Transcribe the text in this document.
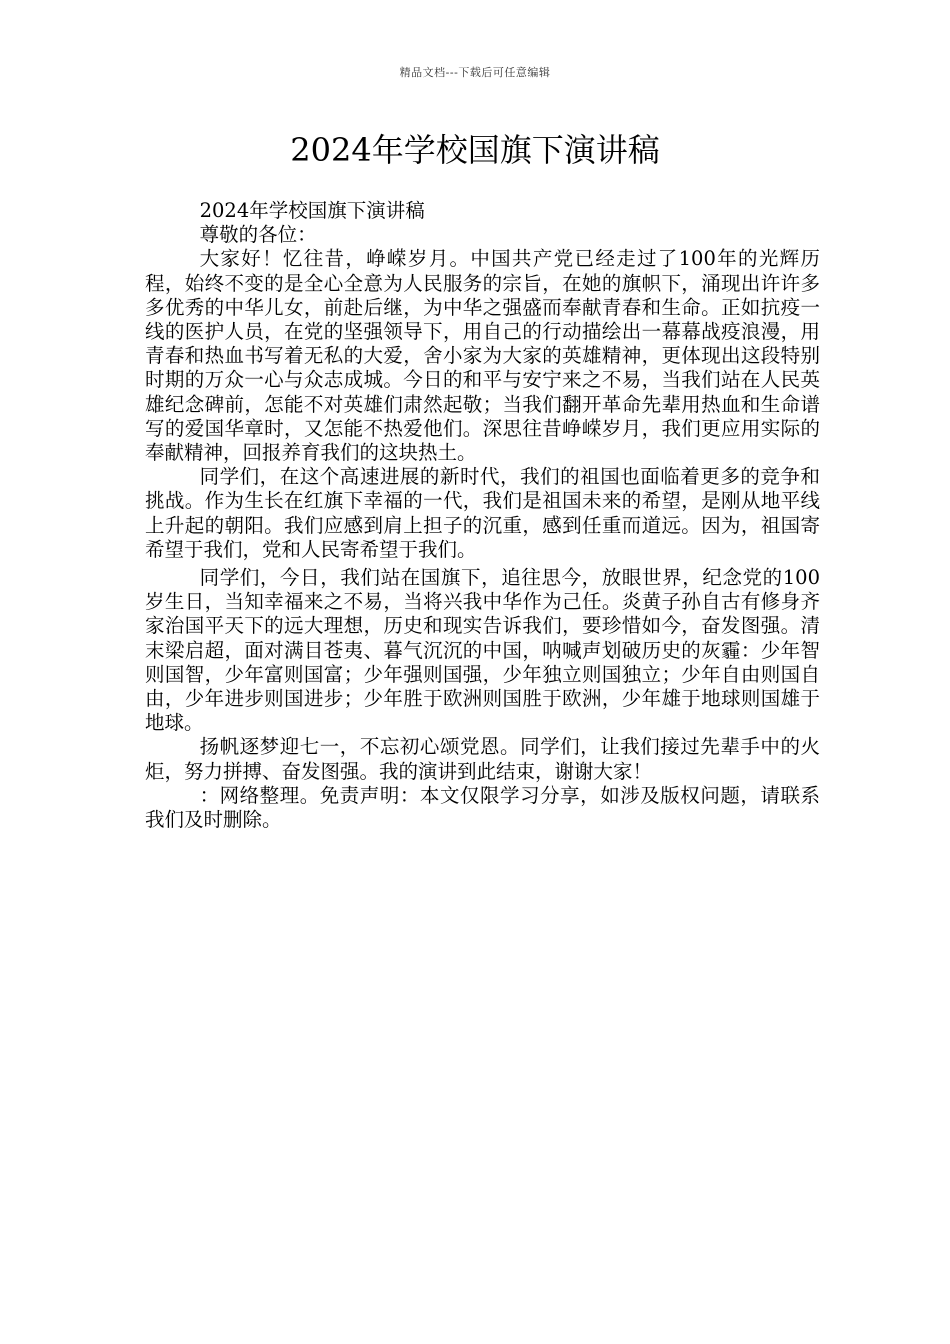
精品文档---下载后可任意编辑
2024年学校国旗下演讲稿

2024年学校国旗下演讲稿

尊敬的各位：

大家好！忆往昔，峥嵘岁月。中国共产党已经走过了100年的光辉历程，始终不变的是全心全意为人民服务的宗旨，在她的旗帜下，涌现出许许多多优秀的中华儿女，前赴后继，为中华之强盛而奉献青春和生命。正如抗疫一线的医护人员，在党的坚强领导下，用自己的行动描绘出一幕幕战疫浪漫，用青春和热血书写着无私的大爱，舍小家为大家的英雄精神，更体现出这段特别时期的万众一心与众志成城。今日的和平与安宁来之不易，当我们站在人民英雄纪念碑前，怎能不对英雄们肃然起敬；当我们翻开革命先辈用热血和生命谱写的爱国华章时，又怎能不热爱他们。深思往昔峥嵘岁月，我们更应用实际的奉献精神，回报养育我们的这块热土。

同学们，在这个高速进展的新时代，我们的祖国也面临着更多的竞争和挑战。作为生长在红旗下幸福的一代，我们是祖国未来的希望，是刚从地平线上升起的朝阳。我们应感到肩上担子的沉重，感到任重而道远。因为，祖国寄希望于我们，党和人民寄希望于我们。

同学们，今日，我们站在国旗下，追往思今，放眼世界，纪念党的100岁生日，当知幸福来之不易，当将兴我中华作为己任。炎黄子孙自古有修身齐家治国平天下的远大理想，历史和现实告诉我们，要珍惜如今，奋发图强。清末梁启超，面对满目苍夷、暮气沉沉的中国，呐喊声划破历史的灰霾：少年智则国智，少年富则国富；少年强则国强，少年独立则国独立；少年自由则国自由，少年进步则国进步；少年胜于欧洲则国胜于欧洲，少年雄于地球则国雄于地球。

扬帆逐梦迎七一，不忘初心颂党恩。同学们，让我们接过先辈手中的火炬，努力拼搏、奋发图强。我的演讲到此结束，谢谢大家！

：网络整理。免责声明：本文仅限学习分享，如涉及版权问题，请联系我们及时删除。
